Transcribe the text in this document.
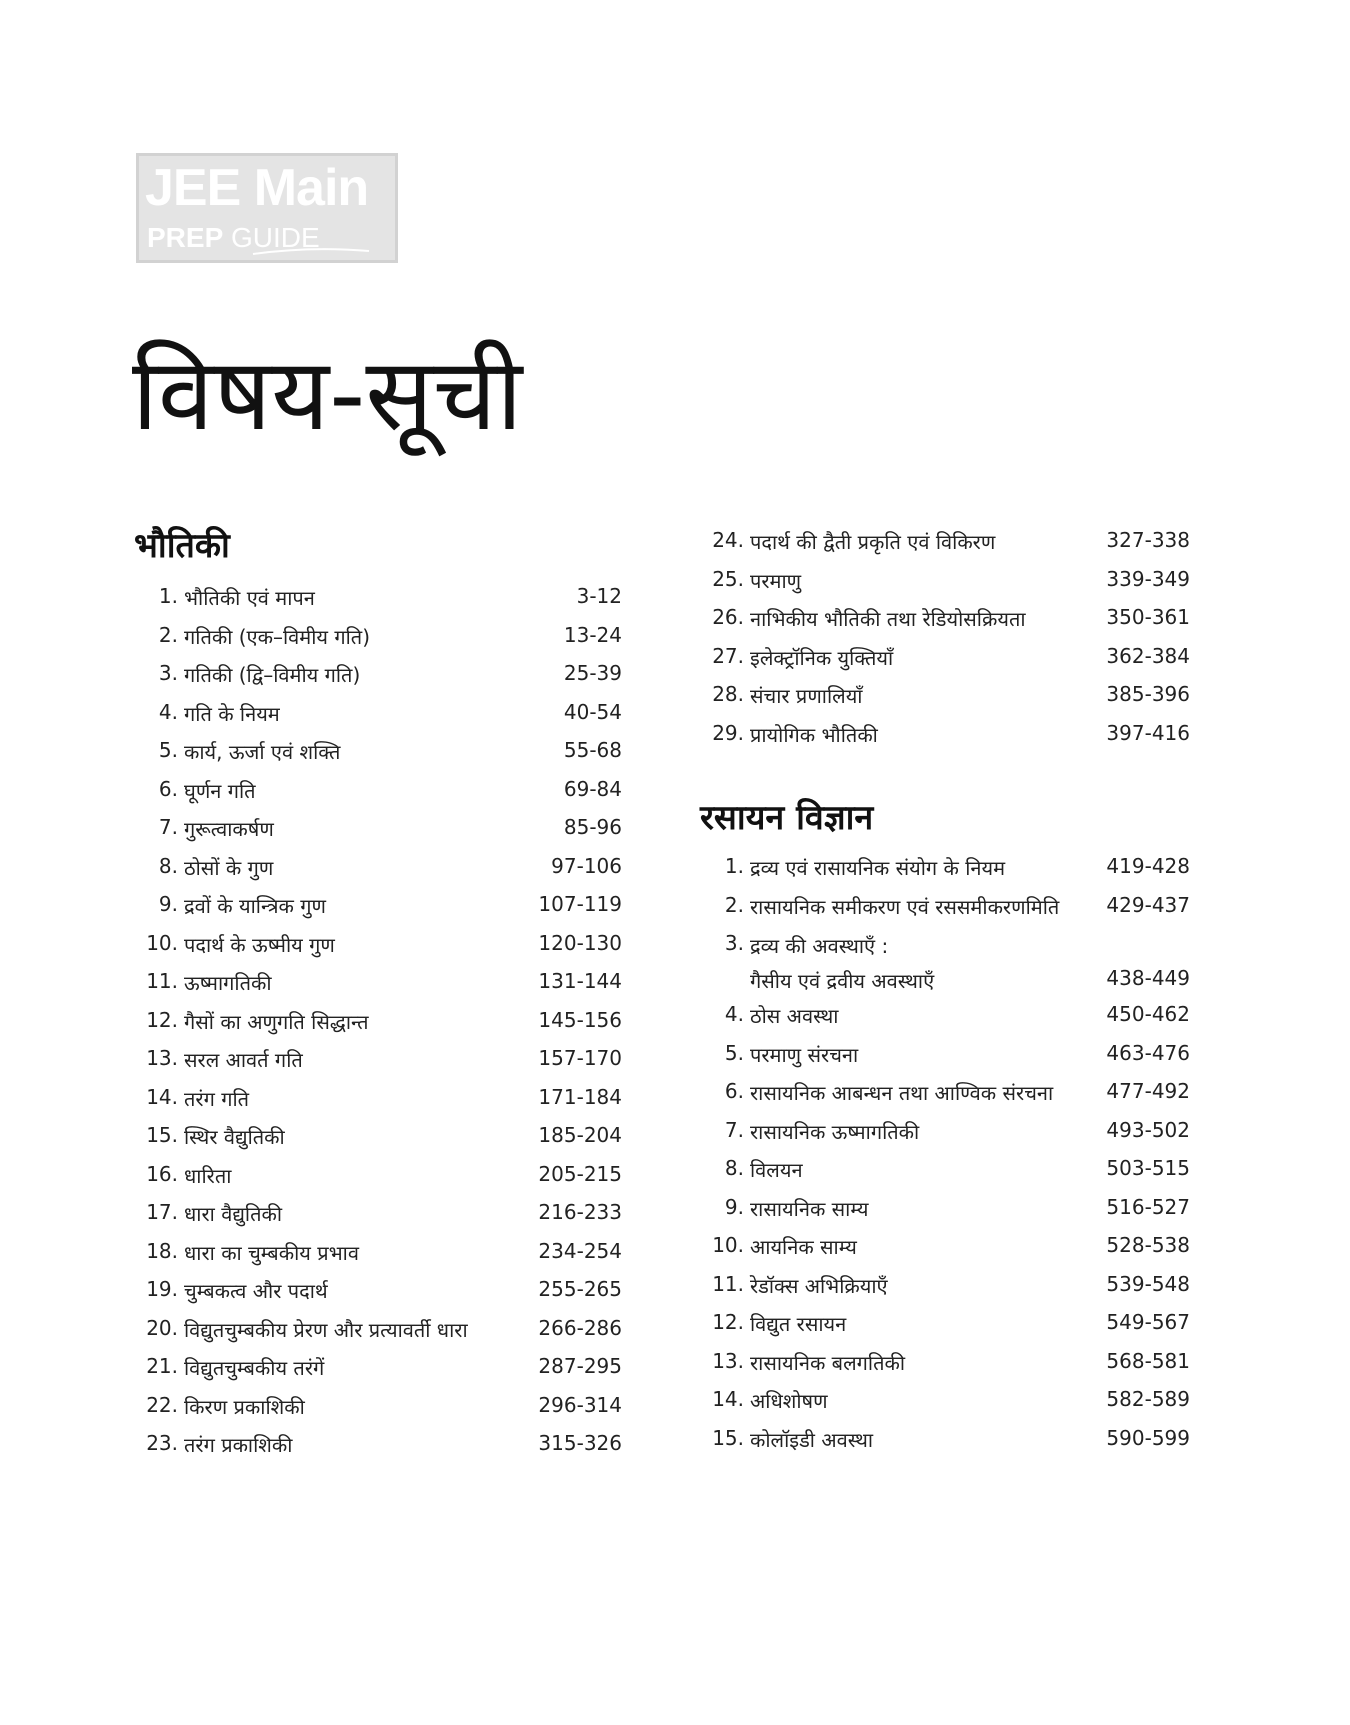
JEE Main
PREP GUIDE
विषय-सूची
भौतिकी
1. भौतिकी एवं मापन	3-12
2. गतिकी (एक–विमीय गति)	13-24
3. गतिकी (द्वि–विमीय गति)	25-39
4. गति के नियम	40-54
5. कार्य, ऊर्जा एवं शक्ति	55-68
6. घूर्णन गति	69-84
7. गुरूत्वाकर्षण	85-96
8. ठोसों के गुण	97-106
9. द्रवों के यान्त्रिक गुण	107-119
10. पदार्थ के ऊष्मीय गुण	120-130
11. ऊष्मागतिकी	131-144
12. गैसों का अणुगति सिद्धान्त	145-156
13. सरल आवर्त गति	157-170
14. तरंग गति	171-184
15. स्थिर वैद्युतिकी	185-204
16. धारिता	205-215
17. धारा वैद्युतिकी	216-233
18. धारा का चुम्बकीय प्रभाव	234-254
19. चुम्बकत्व और पदार्थ	255-265
20. विद्युतचुम्बकीय प्रेरण और प्रत्यावर्ती धारा	266-286
21. विद्युतचुम्बकीय तरंगें	287-295
22. किरण प्रकाशिकी	296-314
23. तरंग प्रकाशिकी	315-326
24. पदार्थ की द्वैती प्रकृति एवं विकिरण	327-338
25. परमाणु	339-349
26. नाभिकीय भौतिकी तथा रेडियोसक्रियता	350-361
27. इलेक्ट्रॉनिक युक्तियाँ	362-384
28. संचार प्रणालियाँ	385-396
29. प्रायोगिक भौतिकी	397-416
रसायन विज्ञान
1. द्रव्य एवं रासायनिक संयोग के नियम	419-428
2. रासायनिक समीकरण एवं रससमीकरणमिति 429-437
3. द्रव्य की अवस्थाएँ :
गैसीय एवं द्रवीय अवस्थाएँ	438-449
4. ठोस अवस्था	450-462
5. परमाणु संरचना	463-476
6. रासायनिक आबन्धन तथा आण्विक संरचना	477-492
7. रासायनिक ऊष्मागतिकी	493-502
8. विलयन	503-515
9. रासायनिक साम्य	516-527
10. आयनिक साम्य	528-538
11. रेडॉक्स अभिक्रियाएँ	539-548
12. विद्युत रसायन	549-567
13. रासायनिक बलगतिकी	568-581
14. अधिशोषण	582-589
15. कोलॉइडी अवस्था	590-599
